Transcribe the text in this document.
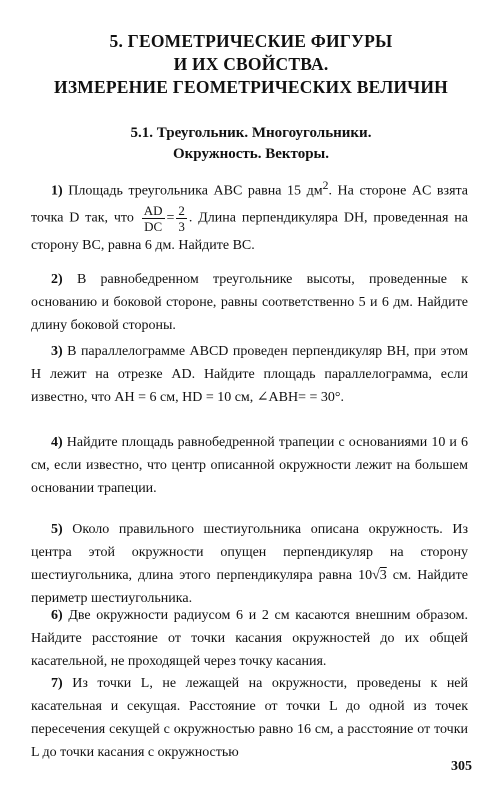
5. ГЕОМЕТРИЧЕСКИЕ ФИГУРЫ
И ИХ СВОЙСТВА.
ИЗМЕРЕНИЕ ГЕОМЕТРИЧЕСКИХ ВЕЛИЧИН
5.1. Треугольник. Многоугольники.
Окружность. Векторы.
1) Площадь треугольника ABC равна 15 $дм^2$. На стороне AC взята точка D так, что $\frac{AD}{DC} = \frac{2}{3}$ . Длина перпендикуляра DH, проведенная на сторону BC, равна 6 дм. Найдите BC.
2) В равнобедренном треугольнике высоты, проведенные к основанию и боковой стороне, равны соответственно 5 и 6 дм. Найдите длину боковой стороны.
3) В параллелограмме ABCD проведен перпендикуляр BH, при этом H лежит на отрезке AD. Найдите площадь параллелограмма, если известно, что AH = 6 см, HD = 10 см, ∠ABH= = 30°.
4) Найдите площадь равнобедренной трапеции с основаниями 10 и 6 см, если известно, что центр описанной окружности лежит на большем основании трапеции.
5) Около правильного шестиугольника описана окружность. Из центра этой окружности опущен перпендикуляр на сторону шестиугольника, длина этого перпендикуляра равна 10√3 см. Найдите периметр шестиугольника.
6) Две окружности радиусом 6 и 2 см касаются внешним образом. Найдите расстояние от точки касания окружностей до их общей касательной, не проходящей через точку касания.
7) Из точки L, не лежащей на окружности, проведены к ней касательная и секущая. Расстояние от точки L до одной из точек пересечения секущей с окружностью равно 16 см, а расстояние от точки L до точки касания с окружностью
305
